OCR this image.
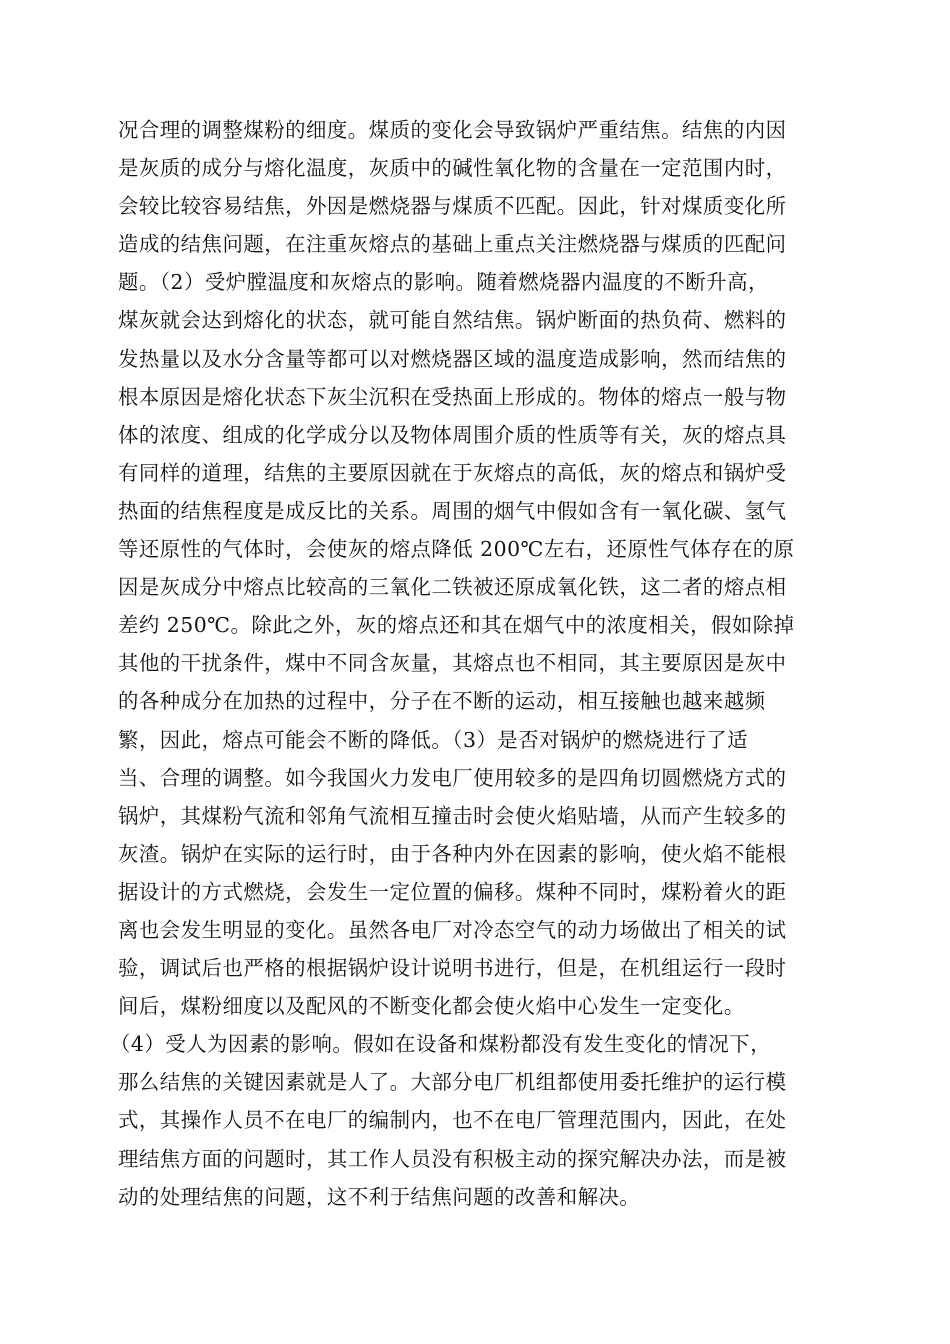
况合理的调整煤粉的细度。煤质的变化会导致锅炉严重结焦。结焦的内因
是灰质的成分与熔化温度，灰质中的碱性氧化物的含量在一定范围内时，
会较比较容易结焦，外因是燃烧器与煤质不匹配。因此，针对煤质变化所
造成的结焦问题，在注重灰熔点的基础上重点关注燃烧器与煤质的匹配问
题。（2）受炉膛温度和灰熔点的影响。随着燃烧器内温度的不断升高，
煤灰就会达到熔化的状态，就可能自然结焦。锅炉断面的热负荷、燃料的
发热量以及水分含量等都可以对燃烧器区域的温度造成影响，然而结焦的
根本原因是熔化状态下灰尘沉积在受热面上形成的。物体的熔点一般与物
体的浓度、组成的化学成分以及物体周围介质的性质等有关，灰的熔点具
有同样的道理，结焦的主要原因就在于灰熔点的高低，灰的熔点和锅炉受
热面的结焦程度是成反比的关系。周围的烟气中假如含有一氧化碳、氢气
等还原性的气体时，会使灰的熔点降低 200℃左右，还原性气体存在的原
因是灰成分中熔点比较高的三氧化二铁被还原成氧化铁，这二者的熔点相
差约 250℃。除此之外，灰的熔点还和其在烟气中的浓度相关，假如除掉
其他的干扰条件，煤中不同含灰量，其熔点也不相同，其主要原因是灰中
的各种成分在加热的过程中，分子在不断的运动，相互接触也越来越频
繁，因此，熔点可能会不断的降低。（3）是否对锅炉的燃烧进行了适
当、合理的调整。如今我国火力发电厂使用较多的是四角切圆燃烧方式的
锅炉，其煤粉气流和邻角气流相互撞击时会使火焰贴墙，从而产生较多的
灰渣。锅炉在实际的运行时，由于各种内外在因素的影响，使火焰不能根
据设计的方式燃烧，会发生一定位置的偏移。煤种不同时，煤粉着火的距
离也会发生明显的变化。虽然各电厂对冷态空气的动力场做出了相关的试
验，调试后也严格的根据锅炉设计说明书进行，但是，在机组运行一段时
间后，煤粉细度以及配风的不断变化都会使火焰中心发生一定变化。
（4）受人为因素的影响。假如在设备和煤粉都没有发生变化的情况下，
那么结焦的关键因素就是人了。大部分电厂机组都使用委托维护的运行模
式，其操作人员不在电厂的编制内，也不在电厂管理范围内，因此，在处
理结焦方面的问题时，其工作人员没有积极主动的探究解决办法，而是被
动的处理结焦的问题，这不利于结焦问题的改善和解决。
